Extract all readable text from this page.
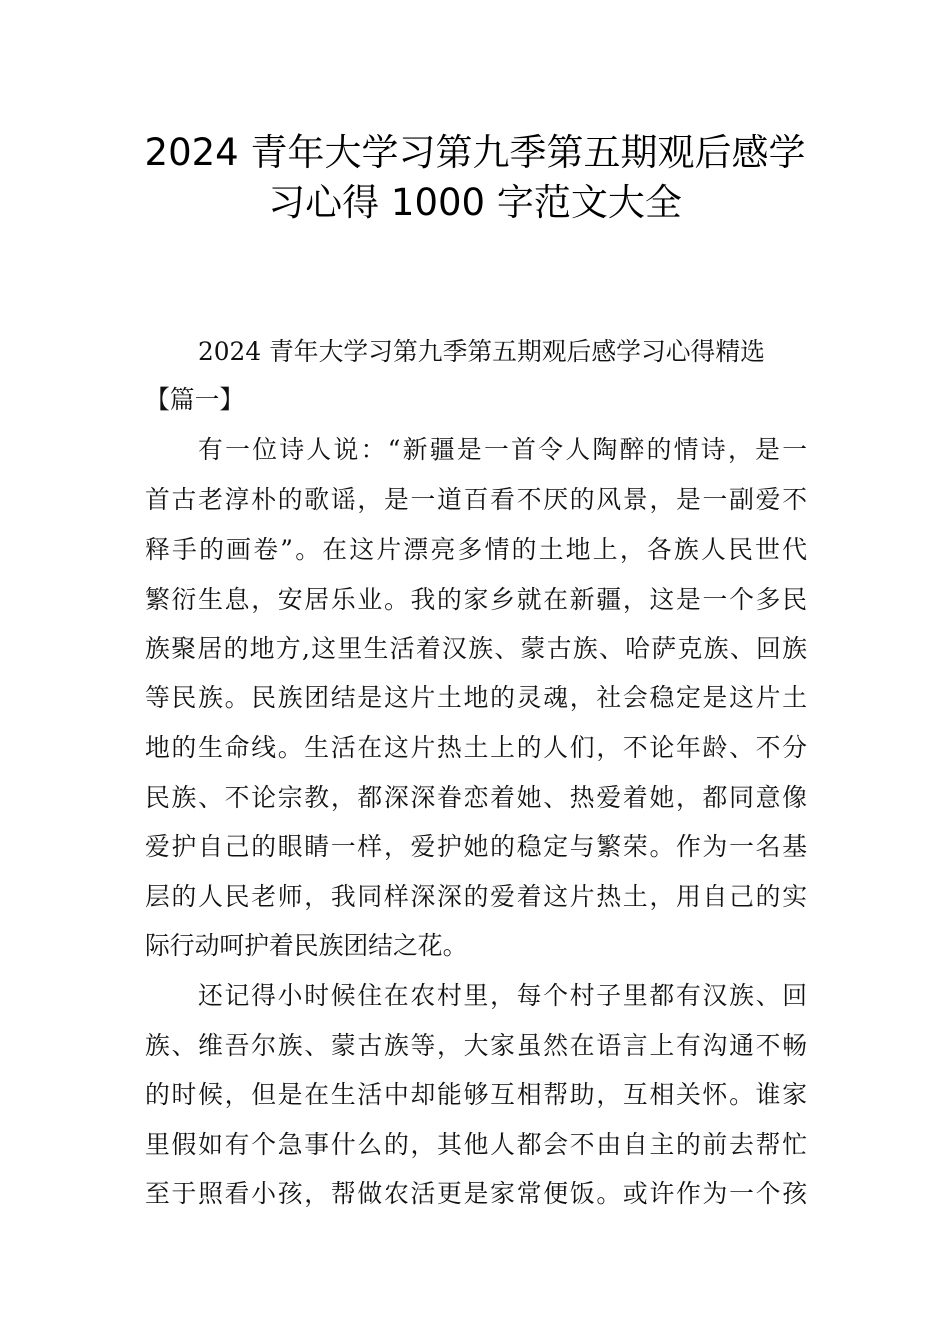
2024 青年大学习第九季第五期观后感学
习心得 1000 字范文大全
2024 青年大学习第九季第五期观后感学习心得精选
【篇一】
有一位诗人说：“新疆是一首令人陶醉的情诗，是一
首古老淳朴的歌谣，是一道百看不厌的风景，是一副爱不
释手的画卷”。在这片漂亮多情的土地上，各族人民世代
繁衍生息，安居乐业。我的家乡就在新疆，这是一个多民
族聚居的地方,这里生活着汉族、蒙古族、哈萨克族、回族
等民族。民族团结是这片土地的灵魂，社会稳定是这片土
地的生命线。生活在这片热土上的人们，不论年龄、不分
民族、不论宗教，都深深眷恋着她、热爱着她，都同意像
爱护自己的眼睛一样，爱护她的稳定与繁荣。作为一名基
层的人民老师，我同样深深的爱着这片热土，用自己的实
际行动呵护着民族团结之花。
还记得小时候住在农村里，每个村子里都有汉族、回
族、维吾尔族、蒙古族等，大家虽然在语言上有沟通不畅
的时候，但是在生活中却能够互相帮助，互相关怀。谁家
里假如有个急事什么的，其他人都会不由自主的前去帮忙
至于照看小孩，帮做农活更是家常便饭。或许作为一个孩
